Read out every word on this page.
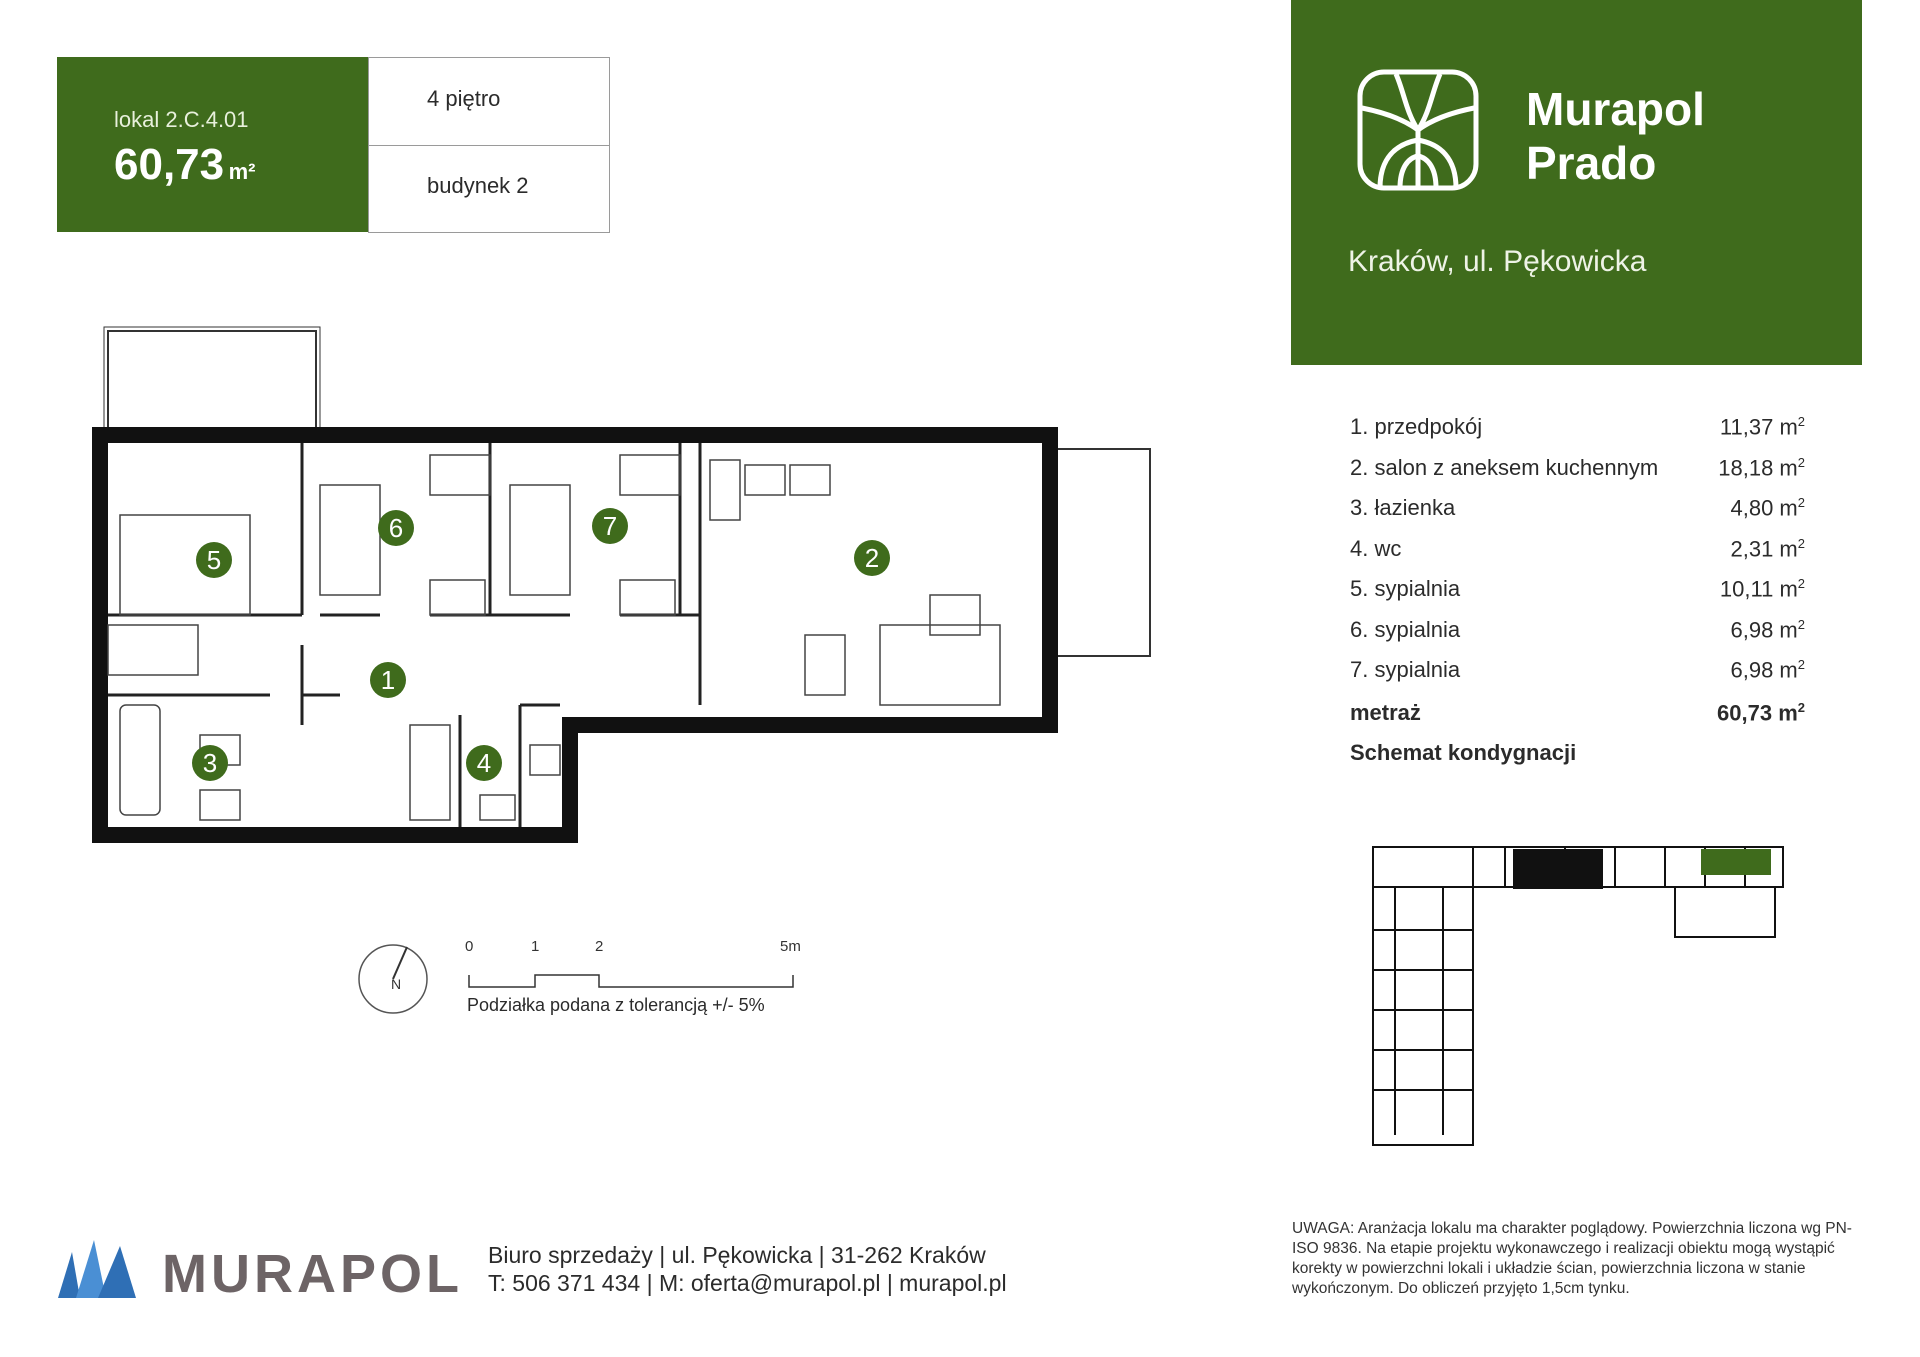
lokal 2.C.4.01
60,73 m²
4 piętro
budynek 2
Murapol
Prado
Kraków, ul. Pękowicka
1. przedpokój	11,37 $m^2$
2. salon z aneksem kuchennym	18,18 $m^2$
3. łazienka	4,80 $m^2$
4. wc	2,31 $m^2$
5. sypialnia	10,11 $m^2$
6. sypialnia	6,98 $m^2$
7. sypialnia	6,98 $m^2$
metraż	60,73 $m^2$
Schemat kondygnacji
1
2
3	4
5
6	7
N
0	1	2	5m
Podziałka podana z tolerancją +/- 5%
MURAPOL Biuro sprzedaży | ul. Pękowicka | 31-262 Kraków
T: 506 371 434 | M: oferta@murapol.pl | murapol.pl
UWAGA: Aranżacja lokalu ma charakter poglądowy. Powierzchnia liczona wg PN-ISO 9836. Na etapie projektu wykonawczego i realizacji obiektu mogą wystąpić korekty w powierzchni lokali i układzie ścian, powierzchnia liczona w stanie wykończonym. Do obliczeń przyjęto 1,5cm tynku.
